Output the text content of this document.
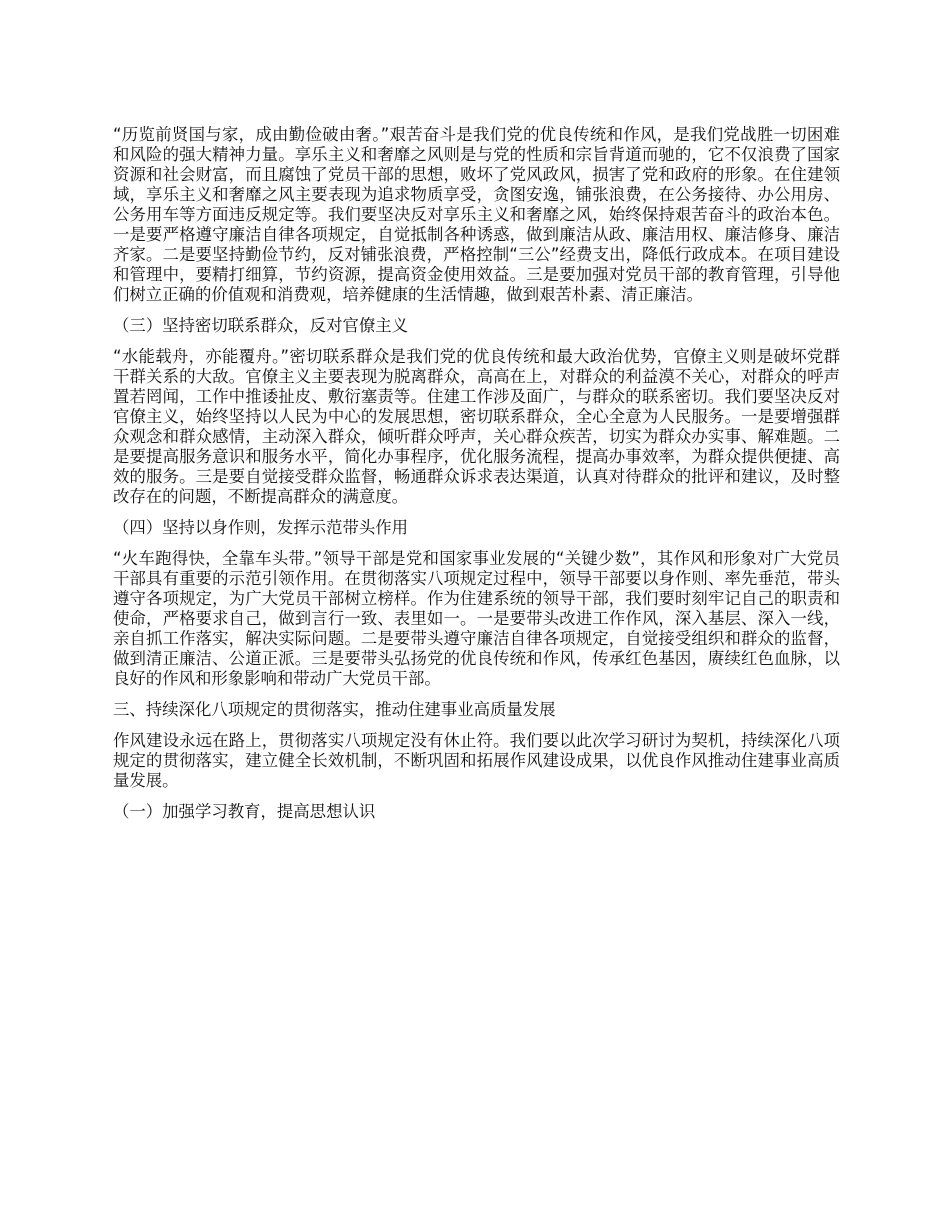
“历览前贤国与家，成由勤俭破由奢。”艰苦奋斗是我们党的优良传统和作风，是我们党战胜一切困难和风险的强大精神力量。享乐主义和奢靡之风则是与党的性质和宗旨背道而驰的，它不仅浪费了国家资源和社会财富，而且腐蚀了党员干部的思想，败坏了党风政风，损害了党和政府的形象。在住建领域，享乐主义和奢靡之风主要表现为追求物质享受，贪图安逸，铺张浪费，在公务接待、办公用房、公务用车等方面违反规定等。我们要坚决反对享乐主义和奢靡之风，始终保持艰苦奋斗的政治本色。一是要严格遵守廉洁自律各项规定，自觉抵制各种诱惑，做到廉洁从政、廉洁用权、廉洁修身、廉洁齐家。二是要坚持勤俭节约，反对铺张浪费，严格控制“三公”经费支出，降低行政成本。在项目建设和管理中，要精打细算，节约资源，提高资金使用效益。三是要加强对党员干部的教育管理，引导他们树立正确的价值观和消费观，培养健康的生活情趣，做到艰苦朴素、清正廉洁。

（三）坚持密切联系群众，反对官僚主义

“水能载舟，亦能覆舟。”密切联系群众是我们党的优良传统和最大政治优势，官僚主义则是破坏党群干群关系的大敌。官僚主义主要表现为脱离群众，高高在上，对群众的利益漠不关心，对群众的呼声置若罔闻，工作中推诿扯皮、敷衍塞责等。住建工作涉及面广，与群众的联系密切。我们要坚决反对官僚主义，始终坚持以人民为中心的发展思想，密切联系群众，全心全意为人民服务。一是要增强群众观念和群众感情，主动深入群众，倾听群众呼声，关心群众疾苦，切实为群众办实事、解难题。二是要提高服务意识和服务水平，简化办事程序，优化服务流程，提高办事效率，为群众提供便捷、高效的服务。三是要自觉接受群众监督，畅通群众诉求表达渠道，认真对待群众的批评和建议，及时整改存在的问题，不断提高群众的满意度。

（四）坚持以身作则，发挥示范带头作用

“火车跑得快，全靠车头带。”领导干部是党和国家事业发展的“关键少数”，其作风和形象对广大党员干部具有重要的示范引领作用。在贯彻落实八项规定过程中，领导干部要以身作则、率先垂范，带头遵守各项规定，为广大党员干部树立榜样。作为住建系统的领导干部，我们要时刻牢记自己的职责和使命，严格要求自己，做到言行一致、表里如一。一是要带头改进工作作风，深入基层、深入一线，亲自抓工作落实，解决实际问题。二是要带头遵守廉洁自律各项规定，自觉接受组织和群众的监督，做到清正廉洁、公道正派。三是要带头弘扬党的优良传统和作风，传承红色基因，赓续红色血脉，以良好的作风和形象影响和带动广大党员干部。

三、持续深化八项规定的贯彻落实，推动住建事业高质量发展

作风建设永远在路上，贯彻落实八项规定没有休止符。我们要以此次学习研讨为契机，持续深化八项规定的贯彻落实，建立健全长效机制，不断巩固和拓展作风建设成果，以优良作风推动住建事业高质量发展。

（一）加强学习教育，提高思想认识
